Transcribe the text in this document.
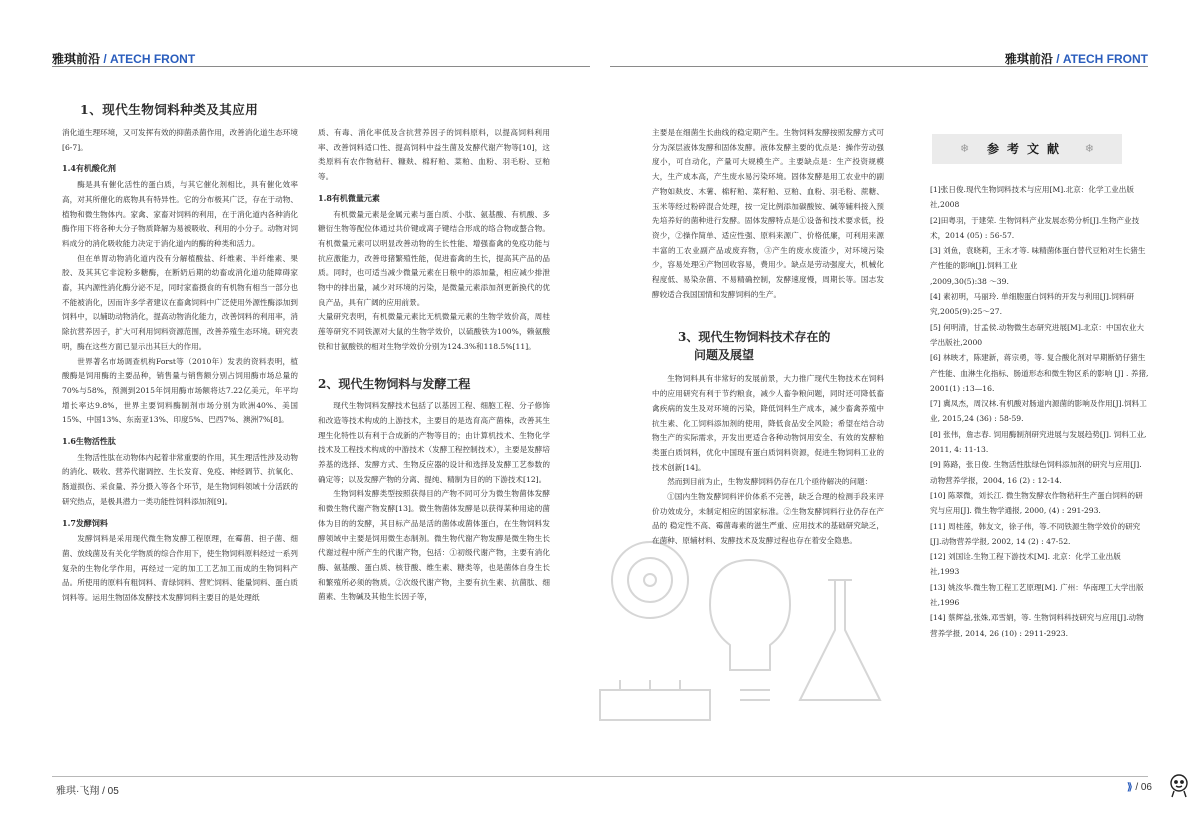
雅琪前沿 / ATECH FRONT	雅琪前沿 / ATECH FRONT
1、现代生物饲料种类及其应用

消化道生理环境，又可发挥有效的抑菌杀菌作用，改善消化道生态环境[6-7]。

1.4有机酸化剂

酶是具有催化活性的蛋白质，与其它催化剂相比，具有催化效率高，对其所催化的底物具有特异性。它的分布极其广泛，存在于动物、植物和微生物体内。家禽、家畜对饲料的利用，在于消化道内各种消化酶作用下将各种大分子物质降解为易被吸收、利用的小分子。动物对饲料成分的消化吸收能力决定于消化道内的酶的种类和活力。

但在单胃动物消化道内没有分解植酸盐、纤维素、半纤维素、果胶、及其其它非淀粉多糖酶，在断奶后期的幼畜或消化道功能障碍家畜，其内源性消化酶分泌不足，同时家畜摄食的有机物有相当一部分也不能被消化，因而许多学者建议在畜禽饲料中广泛使用外源性酶添加到饲料中，以辅助动物消化，提高动物消化能力，改善饲料的利用率，消除抗营养因子，扩大可利用饲料资源范围，改善养殖生态环境。研究表明，酶在这些方面已显示出其巨大的作用。

世界著名市场调查机构Forst等（2010年）发表的资料表明，植酸酶是饲用酶的主要品种，销售量与销售额分别占饲用酶市场总量的70%与58%，预测到2015年饲用酶市场额将达7.22亿美元，年平均增长率达9.8%，世界主要饲料酶制剂市场分别为欧洲40%、美国15%、中国13%、东南亚13%、印度5%、巴西7%、澳洲7%[8]。

1.6生物活性肽

生物活性肽在动物体内起着非常重要的作用，其生理活性涉及动物的消化、吸收、营养代谢调控、生长发育、免疫、神经调节、抗氧化、肠道损伤、采食量、养分摄入等各个环节，是生物饲料领域十分活跃的研究热点，是极具潜力一类功能性饲料添加剂[9]。

1.7发酵饲料

发酵饲料是采用现代微生物发酵工程原理，在霉菌、担子菌、细菌、放线菌及有关化学物质的综合作用下，使生物饲料原料经过一系列复杂的生物化学作用，再经过一定的加工工艺加工而成的生物饲料产品。所使用的原料有粗饲料、青绿饲料、营贮饲料、能量饲料、蛋白质饲料等。运用生物固体发酵技术发酵饲料主要目的是处理纸

质、有毒、消化率低及含抗营养因子的饲料原料，以提高饲料利用率、改善饲料适口性、提高饲料中益生菌及发酵代谢产物等[10]，这类原料有农作物秸秆、糠麸、棉籽粕、菜粕、血粉、羽毛粉、豆粕等。

1.8有机微量元素

有机微量元素是金属元素与蛋白质、小肽、氨基酸、有机酸、多糖衍生物等配位体通过共价键或离子键结合形成的络合物或螯合物。有机微量元素可以明显改善动物的生长性能、增强畜禽的免疫功能与抗应激能力，改善母猪繁殖性能，促进畜禽的生长，提高其产品的品质。同时，也可适当减少微量元素在日粮中的添加量，相应减少排泄物中的排出量，减少对环境的污染，是微量元素添加剂更新换代的优良产品，具有广阔的应用前景。

大量研究表明，有机微量元素比无机微量元素的生物学效价高，周桂莲等研究不同铁源对大鼠的生物学效价，以硫酸铁为100%，赖氨酸铁和甘氨酸铁的相对生物学效价分别为124.3%和118.5%[11]。

2、现代生物饲料与发酵工程

现代生物饲料发酵技术包括了以基因工程、细胞工程、分子修饰和改造等技术构成的上游技术，主要目的是选育高产菌株，改善其生理生化特性以有利于合成新的产物等目的；由计算机技术、生物化学技术及工程技术构成的中游技术（发酵工程控制技术），主要是发酵培养基的选择、发酵方式、生物反应器的设计和选择及发酵工艺参数的确定等；以及发酵产物的分离、提纯、精制为目的的下游技术[12]。

生物饲料发酵类型按照获得目的产物不同可分为微生物菌体发酵和微生物代谢产物发酵[13]。微生物菌体发酵是以获得某种用途的菌体为目的的发酵，其目标产品是活的菌体或菌体蛋白，在生物饲料发酵领域中主要是饲用微生态制剂。微生物代谢产物发酵是微生物生长代谢过程中所产生的代谢产物，包括：①初级代谢产物，主要有消化酶、氨基酸、蛋白质、核苷酸、维生素、糖类等，也是菌体自身生长和繁殖所必须的物质。②次级代谢产物，主要有抗生素、抗菌肽、细菌素、生物碱及其他生长因子等，

主要是在细菌生长曲线的稳定期产生。生物饲料发酵按照发酵方式可分为深层液体发酵和固体发酵。液体发酵主要的优点是：操作劳动强度小，可自动化，产量可大规模生产。主要缺点是：生产投资规模大，生产成本高，产生废水易污染环境。固体发酵是用工农业中的副产物如麸皮、木薯、棉籽粕、菜籽粕、豆粕、血粉、羽毛粉、蔗糖、玉米等经过粉碎混合处理，按一定比例添加碳酸铵、碱等辅料接入预先培养好的菌种进行发酵。固体发酵特点是①设备和技术要求低，投资少，②操作简单、适应性强、原料来源广、价格低廉，可利用来源丰富的工农业副产品或废弃物，③产生的废水废渣少，对环境污染少，容易处理④产物回收容易，费用少。缺点是劳动强度大，机械化程度低、易染杂菌、不易精确控制，发酵速度慢，周期长等。国志发酵较适合我国国情和发酵饲料的生产。

3、现代生物饲料技术存在的
问题及展望

生物饲料具有非常好的发展前景，大力推广现代生物技术在饲料中的应用研究有利于节约粮食，减少人畜争粮问题，同时还可降低畜禽疾病的发生及对环境的污染，降低饲料生产成本，减少畜禽养殖中抗生素、化工饲料添加剂的使用，降低食品安全风险；希望在结合动物生产的实际需求，开发出更适合各种动物饲用安全、有效的发酵粕类蛋白质饲料，优化中国现有蛋白质饲料资源，促进生物饲料工业的技术创新[14]。

然而到目前为止，生物发酵饲料仍存在几个亟待解决的问题：

①国内生物发酵饲料评价体系不完善，缺乏合理的检测手段来评价功效成分，未制定相应的国家标准。②生物发酵饲料行业仍存在产品的 稳定性不高、霉菌毒素的滋生严重、应用技术的基础研究缺乏，在菌种、原辅材料、发酵技术及发酵过程也存在着安全隐患。

❄	参考文献	❄

[1]张日俊.现代生物饲料技术与应用[M].北京：化学工业出版社,2008

[2]田粤羽，于建荣. 生物饲料产业发展态势分析[J].生物产业技术，2014 (05) : 56-57.

[3] 刘鱼，袁晓莉，王永才等. 味精菌体蛋白替代豆粕对生长猪生产性能的影响[J].饲料工业

,2009,30(5):38 ～39.

[4] 素初明，马丽玲. 单细胞蛋白饲料的开发与利用[J].饲料研究,2005(9):25～27.

[5] 何明清，甘孟侯.动物微生态研究进展[M].北京：中国农业大学出版社,2000

[6] 林映才，陈建新，蒋宗勇，等. 复合酸化剂对早期断奶仔猪生产性能、血淋生化指标、肠道形态和微生物区系的影响 [J] . 养猪, 2001(1) :13—16.

[7] 冀凤杰，周汉林.有机酸对肠道内源菌的影响及作用[J].饲料工业, 2015,24 (36) : 58-59.

[8] 张伟，詹志春. 饲用酶制剂研究进展与发展趋势[J]. 饲料工业, 2011, 4: 11-13.

[9] 陈路，张日俊. 生物活性肽绿色饲料添加剂的研究与应用[J]. 动物营养学报，2004, 16 (2) : 12-14.

[10] 陈翠微，刘长江. 微生物发酵农作物秸秆生产蛋白饲料的研究与应用[J]. 微生物学通报, 2000, (4) : 291-293.

[11] 周桂莲，韩友文，徐子伟，等.不同铁源生物学效价的研究[J].动物营养学报, 2002, 14 (2) : 47-52.

[12] 刘国诠.生物工程下游技术[M]. 北京：化学工业出版社,1993

[13] 姚汝华.微生物工程工艺原理[M]. 广州：华南理工大学出版社,1996

[14] 蔡辉益,张姝,邓雪娟，等. 生物饲料科技研究与应用[J].动物营养学报, 2014, 26 (10) : 2911-2923.

雅琪·飞翔 / 05	⟫ / 06
